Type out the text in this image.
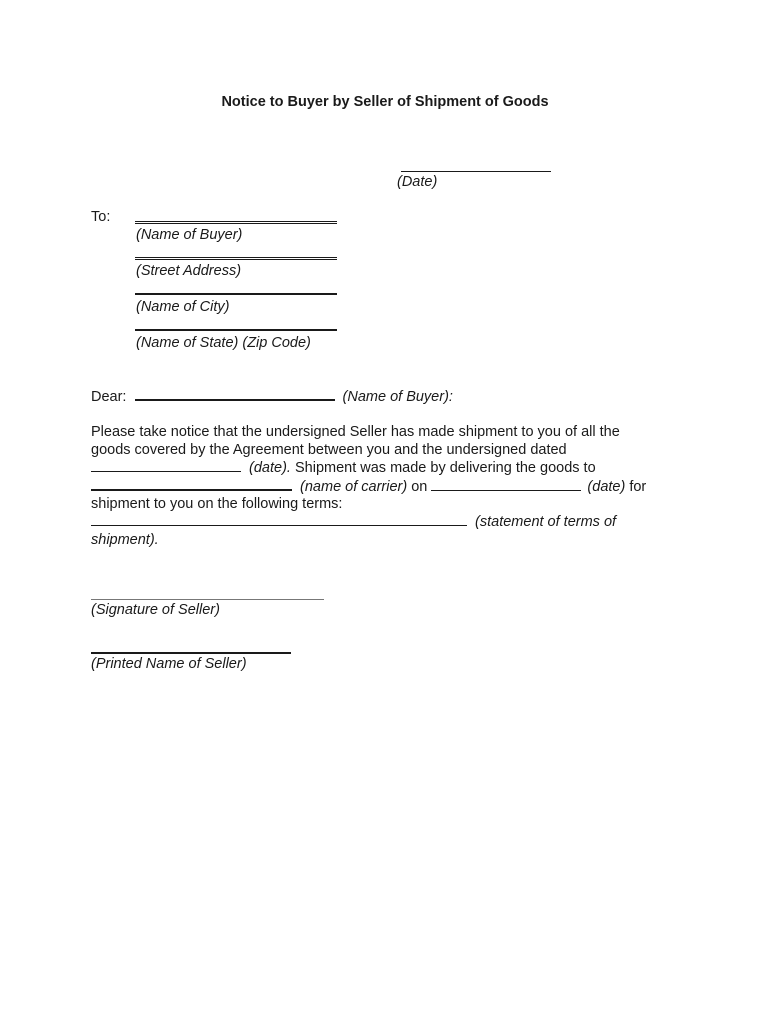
Notice to Buyer by Seller of Shipment of Goods
(Date)
To:
(Name of Buyer)
(Street Address)
(Name of City)
(Name of State) (Zip Code)
Dear:	(Name of Buyer):
Please take notice that the undersigned Seller has made shipment to you of all the
goods covered by the Agreement between you and the undersigned dated
(date). Shipment was made by delivering the goods to
(name of carrier) on	(date) for
shipment to you on the following terms:
(statement of terms of
shipment).
(Signature of Seller)
(Printed Name of Seller)
